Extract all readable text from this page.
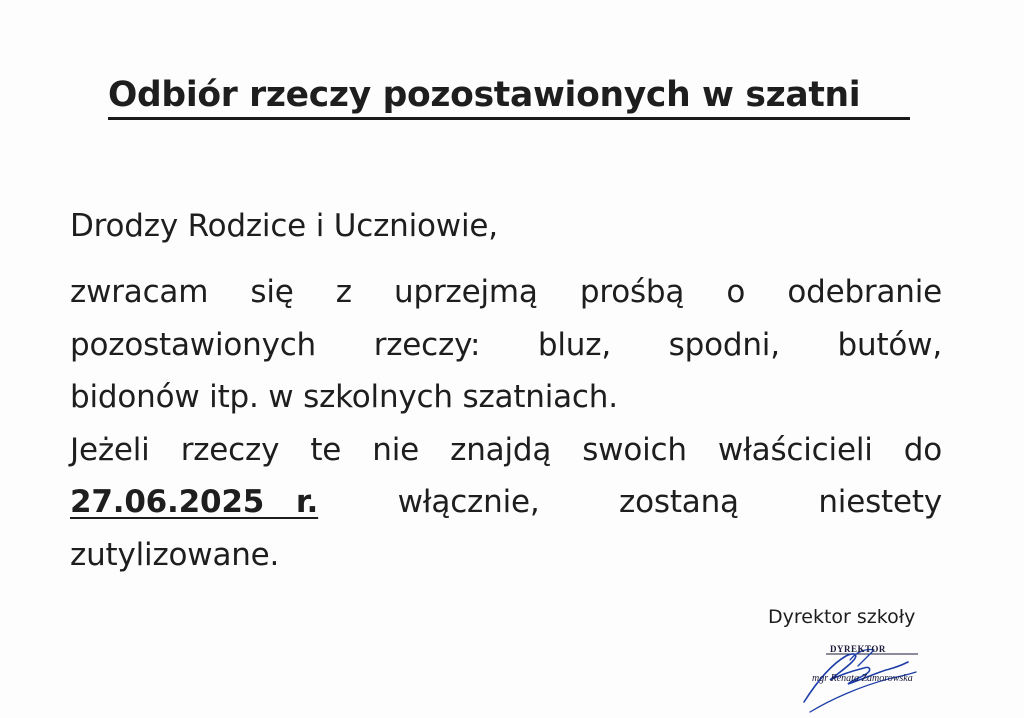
Odbiór rzeczy pozostawionych w szatni

Drodzy Rodzice i Uczniowie,

zwracam się z uprzejmą prośbą o odebranie
pozostawionych rzeczy: bluz, spodni, butów,
bidonów itp. w szkolnych szatniach.
Jeżeli rzeczy te nie znajdą swoich właścicieli do
27.06.2025   r.	włącznie,	zostaną	niestety
zutylizowane.

Dyrektor szkoły

DYREKTOR
mgr Renata Zamorowska
